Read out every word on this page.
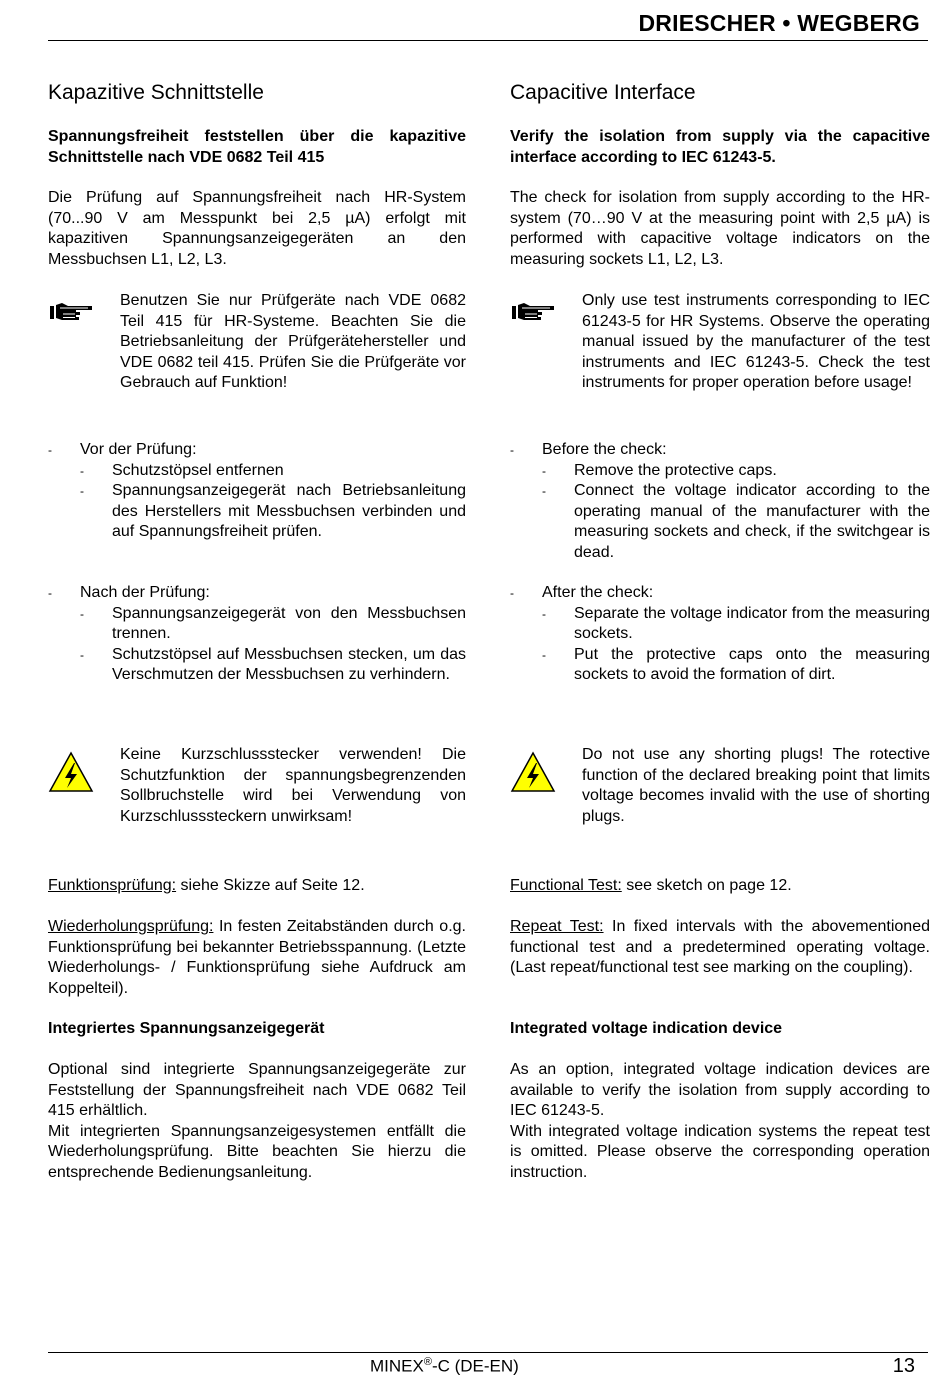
DRIESCHER • WEGBERG
Kapazitive Schnittstelle

Spannungsfreiheit feststellen über die kapazitive Schnittstelle nach VDE 0682 Teil 415

Die Prüfung auf Spannungsfreiheit nach HR-System (70...90 V am Messpunkt bei 2,5 µA) erfolgt mit kapazitiven Spannungsanzeigegeräten an den Messbuchsen L1, L2, L3.

Benutzen Sie nur Prüfgeräte nach VDE 0682 Teil 415 für HR-Systeme. Beachten Sie die Betriebsanleitung der Prüfgerätehersteller und VDE 0682 teil 415. Prüfen Sie die Prüfgeräte vor Gebrauch auf Funktion!

- Vor der Prüfung:
- Schutzstöpsel entfernen
- Spannungsanzeigegerät nach Betriebsanleitung des Herstellers mit Messbuchsen verbinden und auf Spannungsfreiheit prüfen.
- Nach der Prüfung:
- Spannungsanzeigegerät von den Messbuchsen trennen.
- Schutzstöpsel auf Messbuchsen stecken, um das Verschmutzen der Messbuchsen zu verhindern.

Keine Kurzschlussstecker verwenden! Die Schutzfunktion der spannungsbegrenzenden Sollbruchstelle wird bei Verwendung von Kurzschlusssteckern unwirksam!

Funktionsprüfung: siehe Skizze auf Seite 12.

Wiederholungsprüfung: In festen Zeitabständen durch o.g. Funktionsprüfung bei bekannter Betriebsspannung. (Letzte Wiederholungs- / Funktionsprüfung siehe Aufdruck am Koppelteil).

Integriertes Spannungsanzeigegerät

Optional sind integrierte Spannungsanzeigegeräte zur Feststellung der Spannungsfreiheit nach VDE 0682 Teil 415 erhältlich.

Mit integrierten Spannungsanzeigesystemen entfällt die Wiederholungsprüfung. Bitte beachten Sie hierzu die entsprechende Bedienungsanleitung.

Capacitive Interface

Verify the isolation from supply via the capacitive interface according to IEC 61243-5.

The check for isolation from supply according to the HR-system (70…90 V at the measuring point with 2,5 µA) is performed with capacitive voltage indicators on the measuring sockets L1, L2, L3.

Only use test instruments corresponding to IEC 61243-5 for HR Systems. Observe the operating manual issued by the manufacturer of the test instruments and IEC 61243-5. Check the test instruments for proper operation before usage!

- Before the check:
- Remove the protective caps.
- Connect the voltage indicator according to the operating manual of the manufacturer with the measuring sockets and check, if the switchgear is dead.
- After the check:
- Separate the voltage indicator from the measuring sockets.
- Put the protective caps onto the measuring sockets to avoid the formation of dirt.

Do not use any shorting plugs! The rotective function of the declared breaking point that limits voltage becomes invalid with the use of shorting plugs.

Functional Test: see sketch on page 12.

Repeat Test: In fixed intervals with the abovementioned functional test and a predetermined operating voltage. (Last repeat/functional test see marking on the coupling).

Integrated voltage indication device

As an option, integrated voltage indication devices are available to verify the isolation from supply according to IEC 61243-5.

With integrated voltage indication systems the repeat test is omitted. Please observe the corresponding operation instruction.

MINEX®-C (DE-EN)	13
